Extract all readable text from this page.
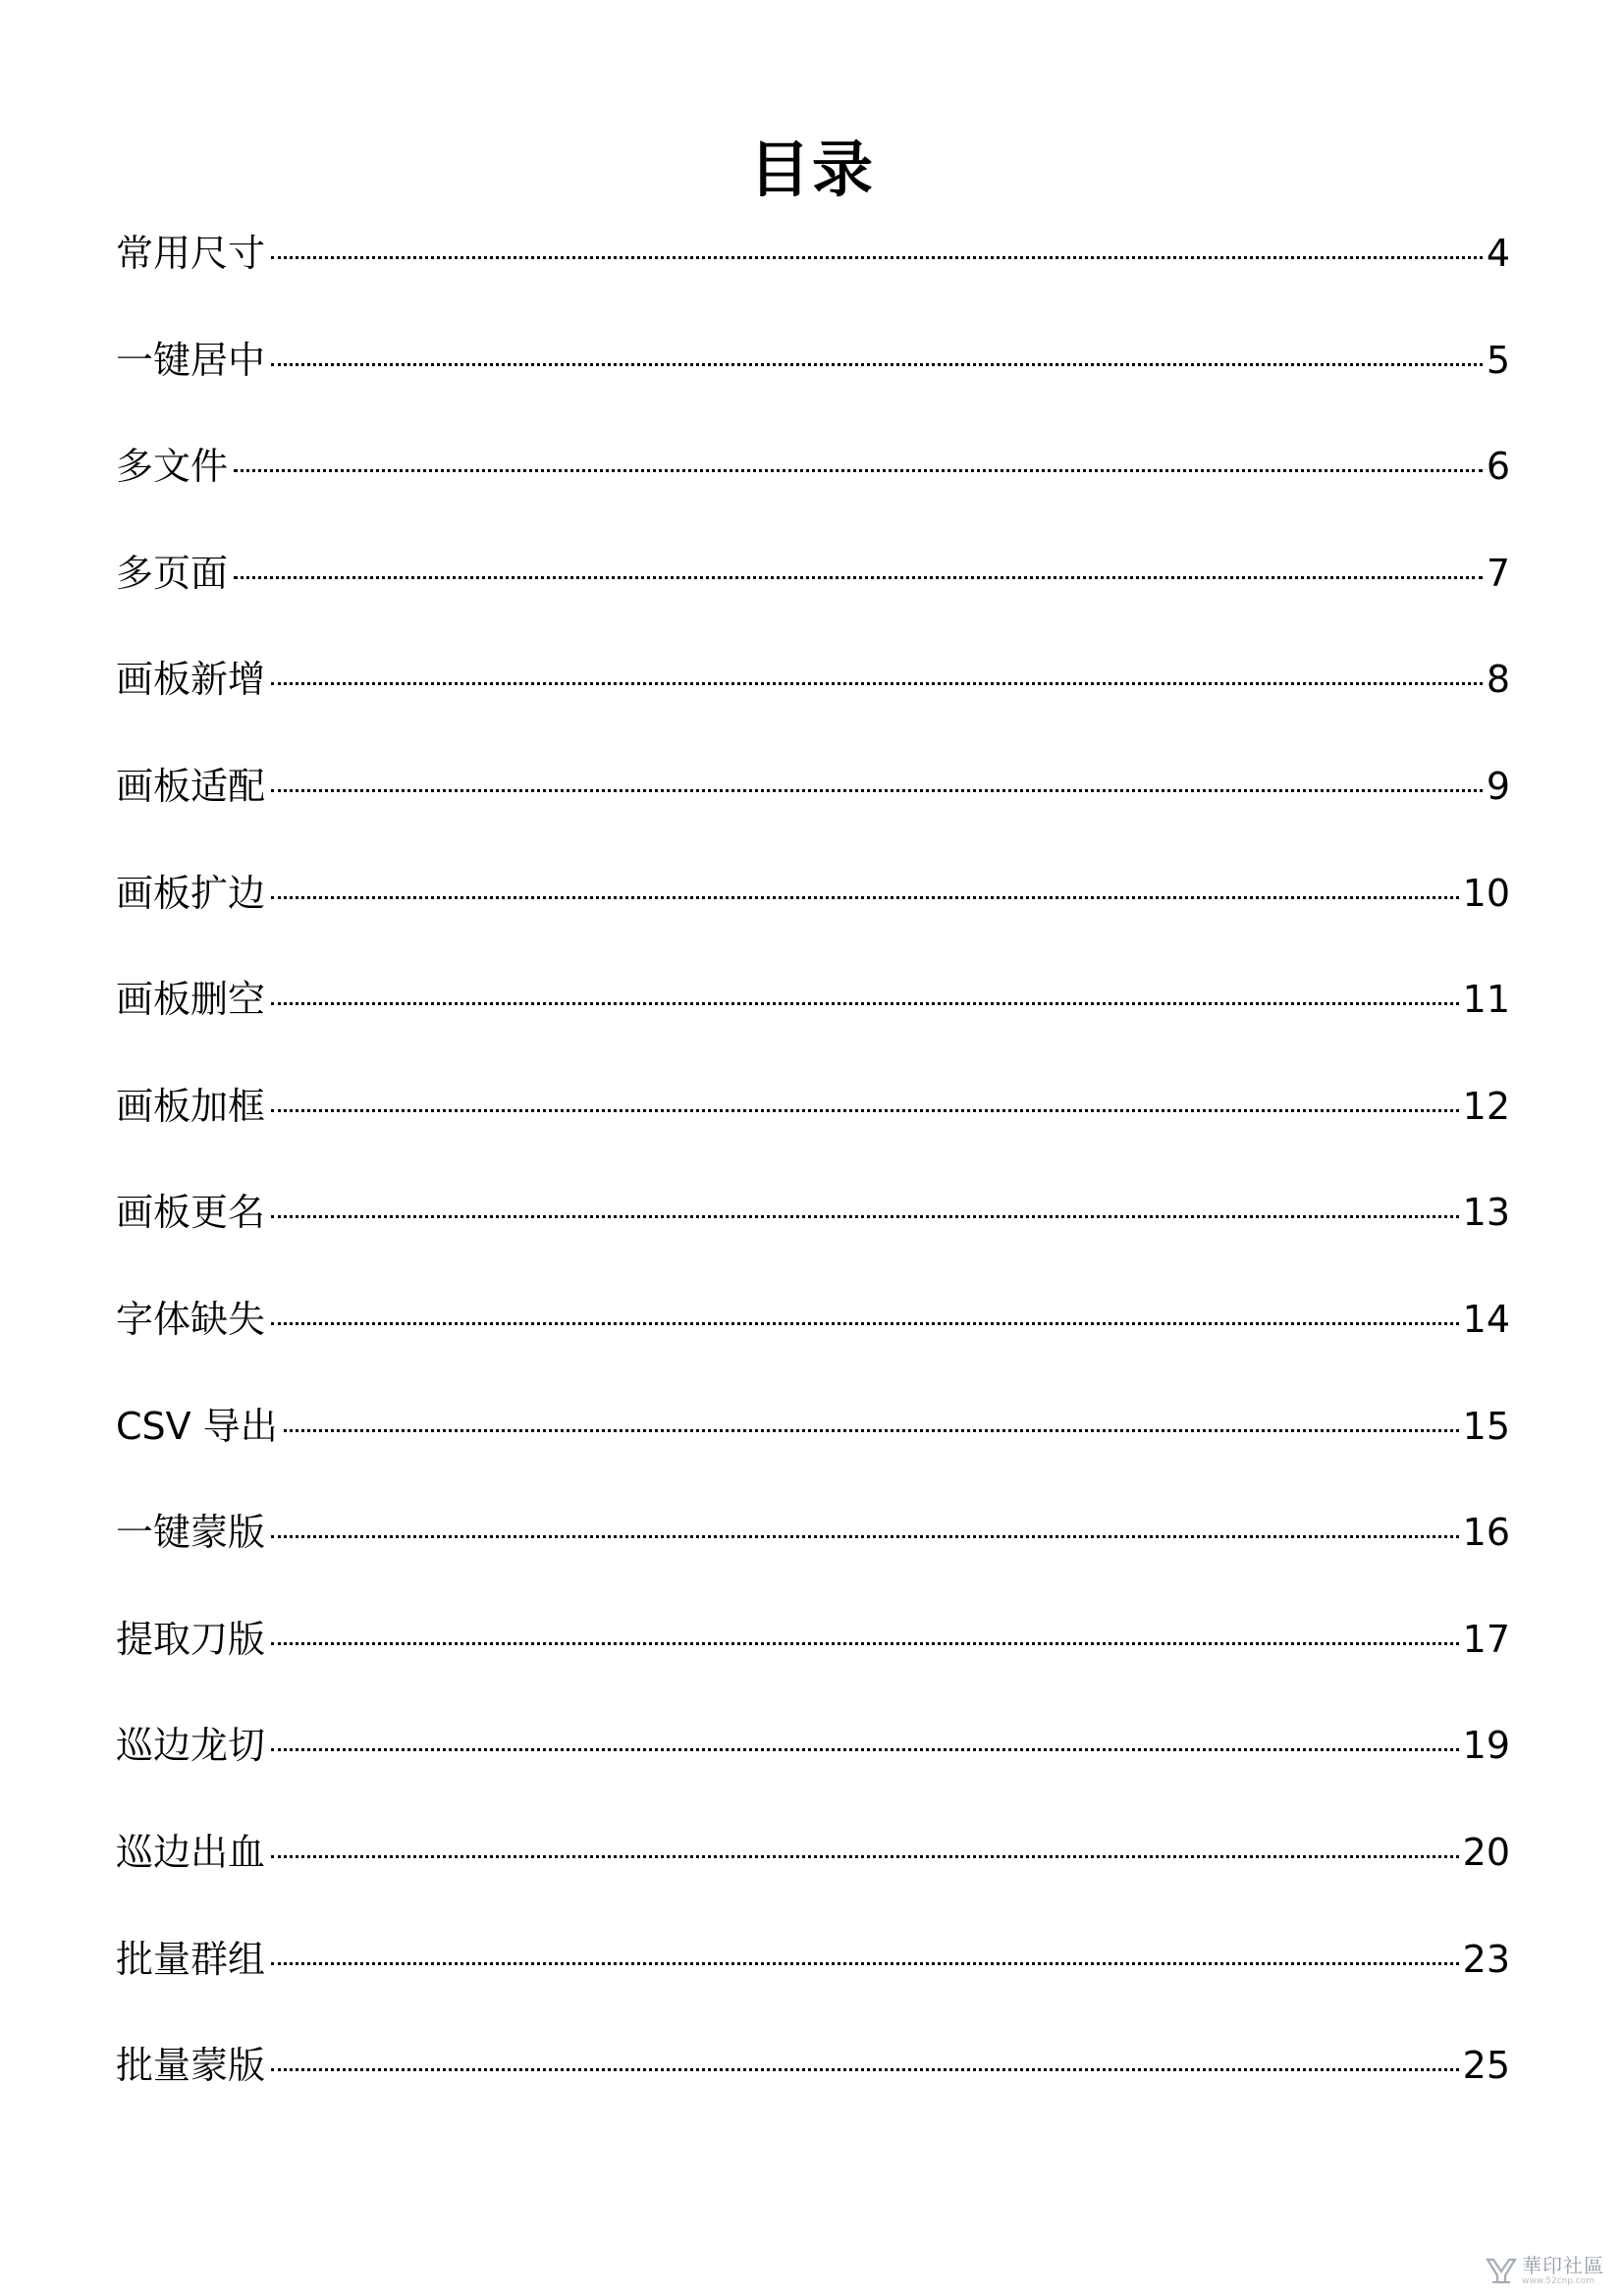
目录
常用尺寸	4
一键居中	5
多文件	6
多页面	7
画板新增	8
画板适配	9
画板扩边	10
画板删空	11
画板加框	12
画板更名	13
字体缺失	14
CSV 导出	15
一键蒙版	16
提取刀版	17
巡边龙切	19
巡边出血	20
批量群组	23
批量蒙版	25
華印社區
www.52cnp.com
